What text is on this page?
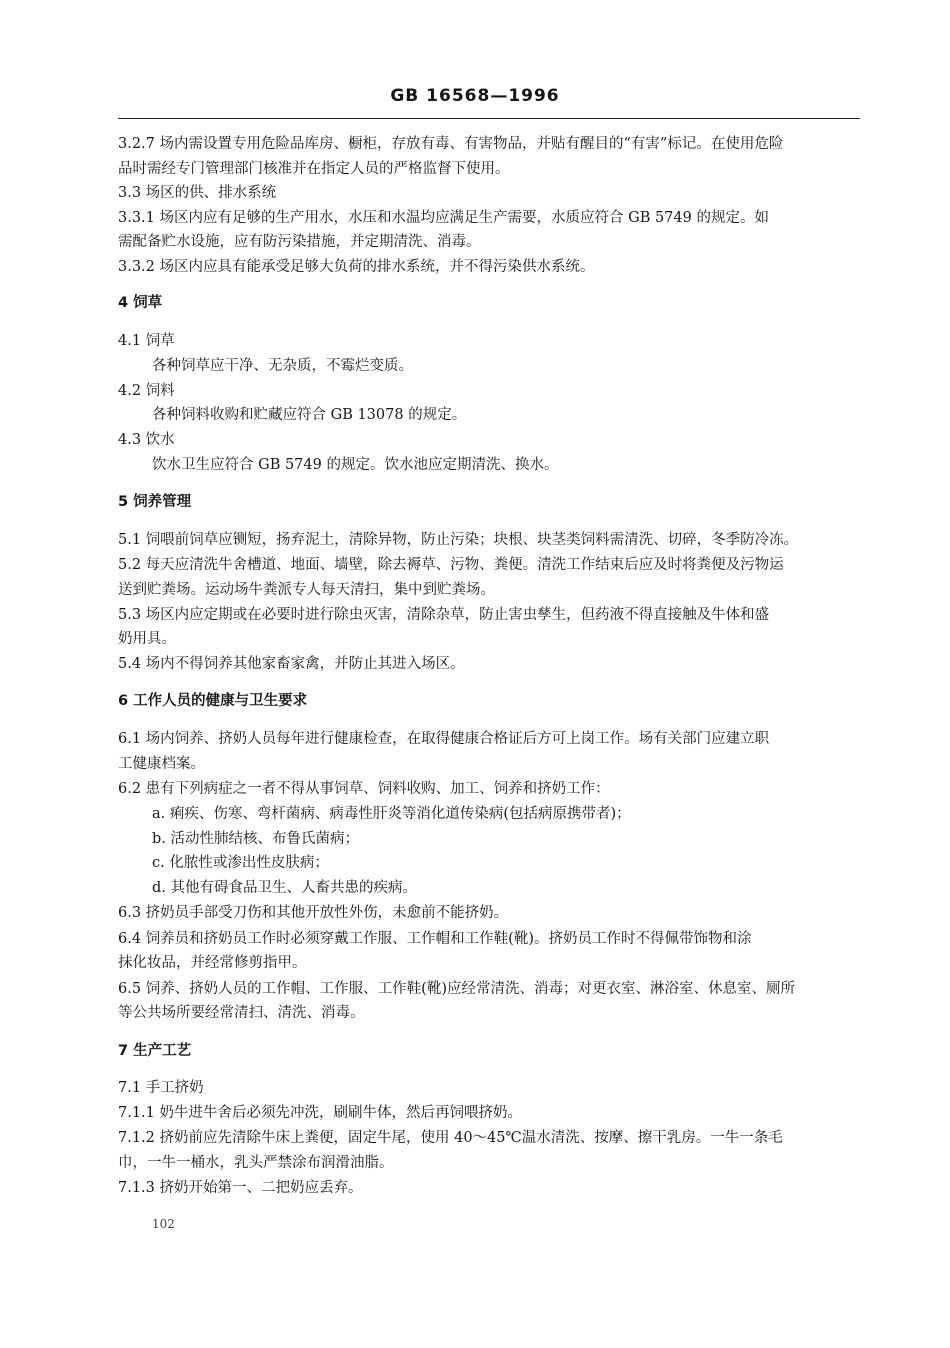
GB 16568—1996
3.2.7 场内需设置专用危险品库房、橱柜，存放有毒、有害物品，并贴有醒目的“有害”标记。在使用危险
品时需经专门管理部门核准并在指定人员的严格监督下使用。
3.3 场区的供、排水系统
3.3.1 场区内应有足够的生产用水，水压和水温均应满足生产需要，水质应符合 GB 5749 的规定。如
需配备贮水设施，应有防污染措施，并定期清洗、消毒。
3.3.2 场区内应具有能承受足够大负荷的排水系统，并不得污染供水系统。
4 饲草
4.1 饲草
各种饲草应干净、无杂质，不霉烂变质。
4.2 饲料
各种饲料收购和贮藏应符合 GB 13078 的规定。
4.3 饮水
饮水卫生应符合 GB 5749 的规定。饮水池应定期清洗、换水。
5 饲养管理
5.1 饲喂前饲草应铡短，扬弃泥土，清除异物，防止污染；块根、块茎类饲料需清洗、切碎，冬季防冷冻。
5.2 每天应清洗牛舍槽道、地面、墙壁，除去褥草、污物、粪便。清洗工作结束后应及时将粪便及污物运
送到贮粪场。运动场牛粪派专人每天清扫，集中到贮粪场。
5.3 场区内应定期或在必要时进行除虫灭害，清除杂草，防止害虫孳生，但药液不得直接触及牛体和盛
奶用具。
5.4 场内不得饲养其他家畜家禽，并防止其进入场区。
6 工作人员的健康与卫生要求
6.1 场内饲养、挤奶人员每年进行健康检查，在取得健康合格证后方可上岗工作。场有关部门应建立职
工健康档案。
6.2 患有下列病症之一者不得从事饲草、饲料收购、加工、饲养和挤奶工作：
a. 痢疾、伤寒、弯杆菌病、病毒性肝炎等消化道传染病(包括病原携带者)；
b. 活动性肺结核、布鲁氏菌病；
c. 化脓性或渗出性皮肤病；
d. 其他有碍食品卫生、人畜共患的疾病。
6.3 挤奶员手部受刀伤和其他开放性外伤，未愈前不能挤奶。
6.4 饲养员和挤奶员工作时必须穿戴工作服、工作帽和工作鞋(靴)。挤奶员工作时不得佩带饰物和涂
抹化妆品，并经常修剪指甲。
6.5 饲养、挤奶人员的工作帽、工作服、工作鞋(靴)应经常清洗、消毒；对更衣室、淋浴室、休息室、厕所
等公共场所要经常清扫、清洗、消毒。
7 生产工艺
7.1 手工挤奶
7.1.1 奶牛进牛舍后必须先冲洗，刷刷牛体，然后再饲喂挤奶。
7.1.2 挤奶前应先清除牛床上粪便，固定牛尾，使用 40～45℃温水清洗、按摩、擦干乳房。一牛一条毛
巾，一牛一桶水，乳头严禁涂布润滑油脂。
7.1.3 挤奶开始第一、二把奶应丢弃。
102
